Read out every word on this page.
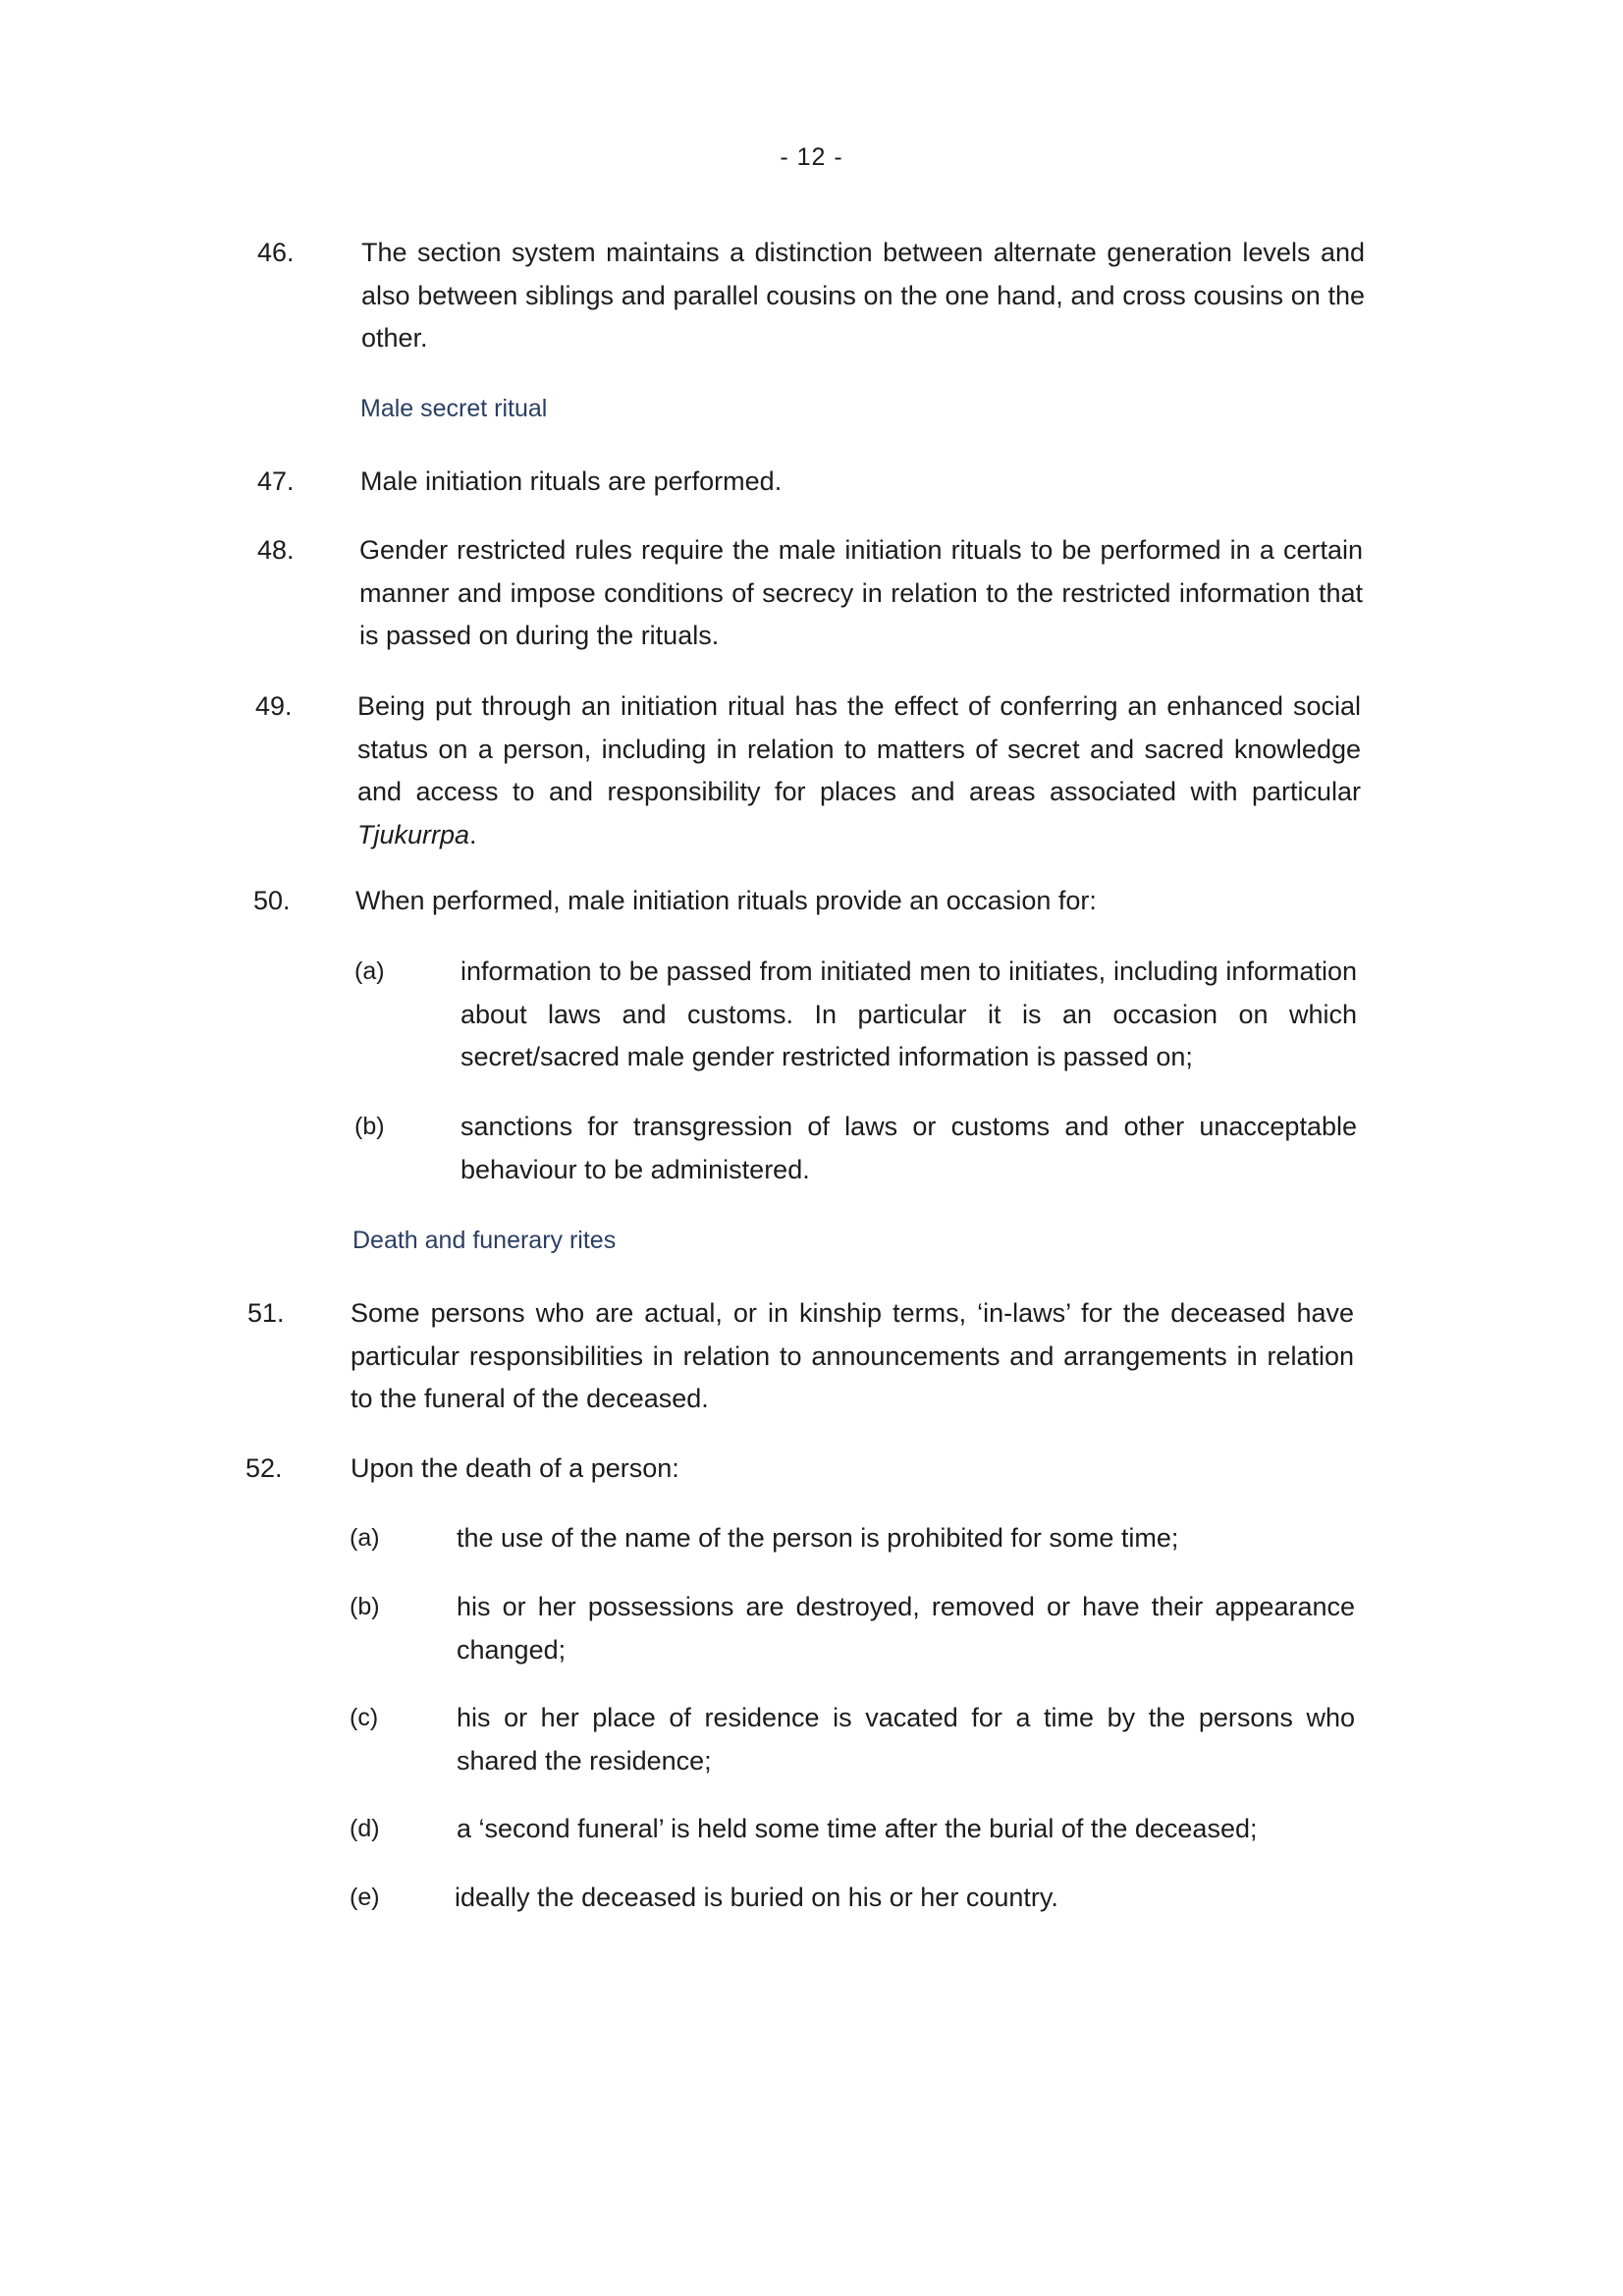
- 12 -
46.	The section system maintains a distinction between alternate generation levels and also between siblings and parallel cousins on the one hand, and cross cousins on the other.
Male secret ritual
47. Male initiation rituals are performed.
48. Gender restricted rules require the male initiation rituals to be performed in a certain manner and impose conditions of secrecy in relation to the restricted information that is passed on during the rituals.
49. Being put through an initiation ritual has the effect of conferring an enhanced social status on a person, including in relation to matters of secret and sacred knowledge and access to and responsibility for places and areas associated with particular Tjukurrpa.
50. When performed, male initiation rituals provide an occasion for:
(a)	information to be passed from initiated men to initiates, including information about laws and customs. In particular it is an occasion on which secret/sacred male gender restricted information is passed on;
(b)	sanctions for transgression of laws or customs and other unacceptable behaviour to be administered.
Death and funerary rites
51. Some persons who are actual, or in kinship terms, ‘in-laws’ for the deceased have particular responsibilities in relation to announcements and arrangements in relation to the funeral of the deceased.
52.	Upon the death of a person:
(a)	the use of the name of the person is prohibited for some time;
(b)	his or her possessions are destroyed, removed or have their appearance changed;
(c)	his or her place of residence is vacated for a time by the persons who shared the residence;
(d)	a ‘second funeral’ is held some time after the burial of the deceased;
(e)	ideally the deceased is buried on his or her country.
